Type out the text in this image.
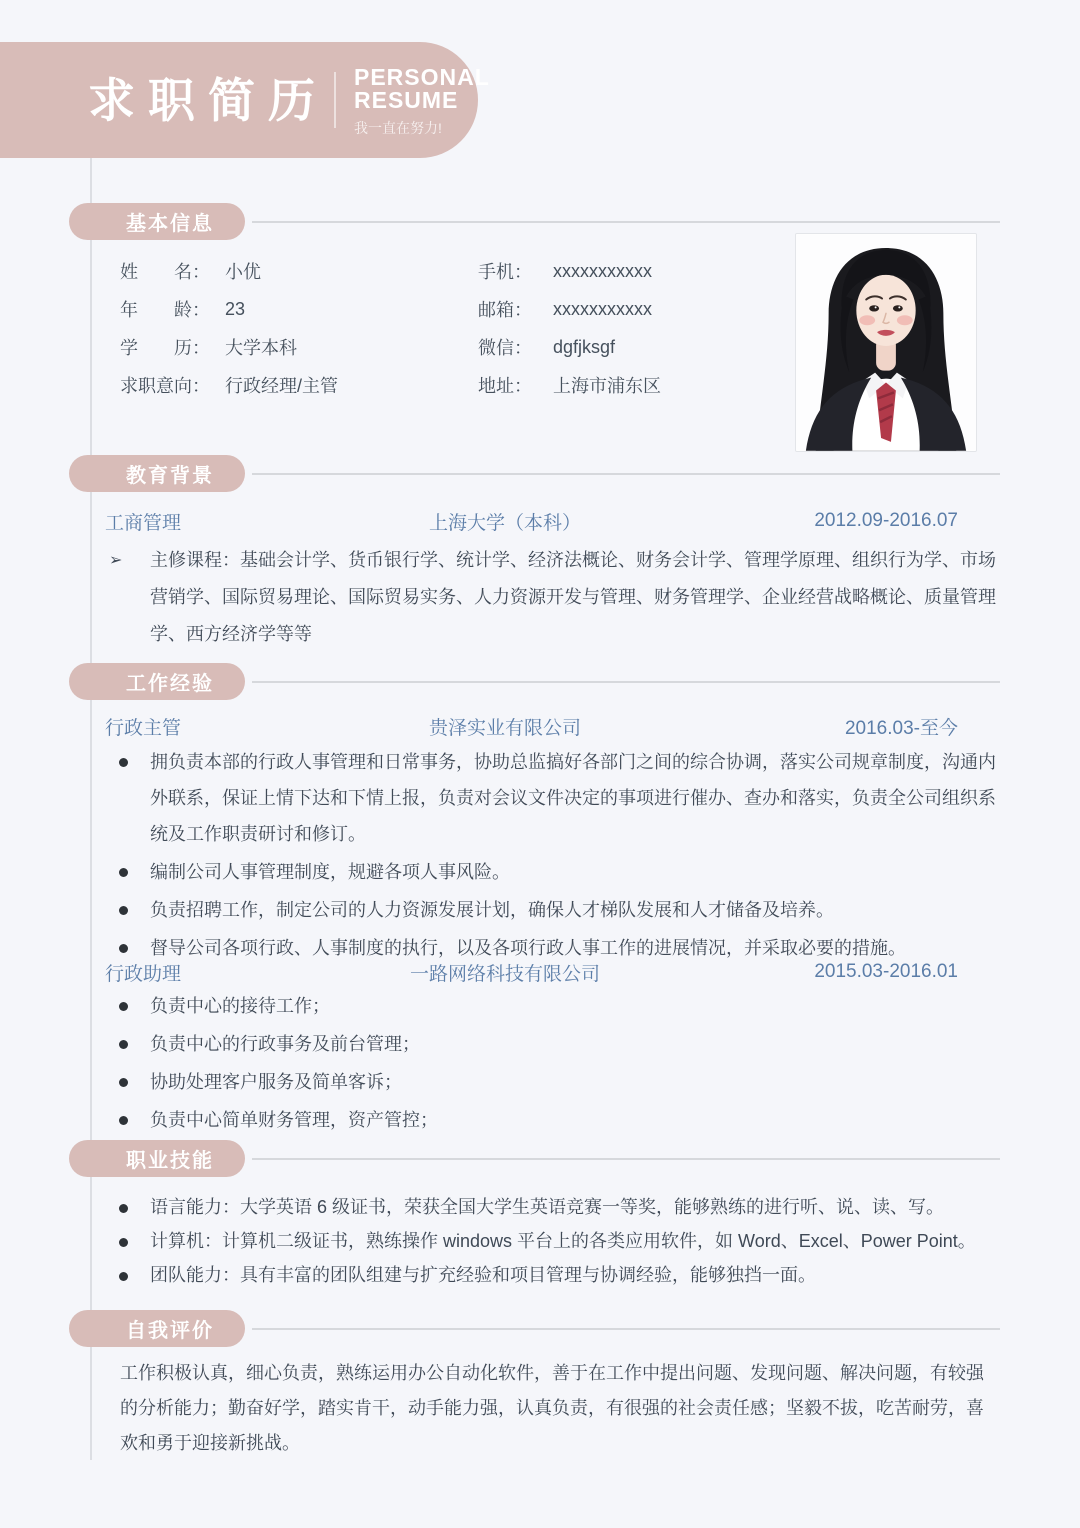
求职简历 PERSONAL RESUME
我一直在努力!
基本信息
姓　　名： 小优
年　　龄： 23
学　　历： 大学本科
求职意向： 行政经理/主管
手机：	xxxxxxxxxxx
邮箱：	xxxxxxxxxxx
微信：	dgfjksgf
地址：	上海市浦东区
教育背景
工商管理	上海大学（本科）	2012.09-2016.07
➢ 主修课程：基础会计学、货币银行学、统计学、经济法概论、财务会计学、管理学原理、组织行为学、市场营销学、国际贸易理论、国际贸易实务、人力资源开发与管理、财务管理学、企业经营战略概论、质量管理学、西方经济学等等
工作经验
行政主管	贵泽实业有限公司	2016.03-至今
拥负责本部的行政人事管理和日常事务，协助总监搞好各部门之间的综合协调，落实公司规章制度，沟通内外联系，保证上情下达和下情上报，负责对会议文件决定的事项进行催办、查办和落实，负责全公司组织系统及工作职责研讨和修订。
编制公司人事管理制度，规避各项人事风险。
负责招聘工作，制定公司的人力资源发展计划，确保人才梯队发展和人才储备及培养。
督导公司各项行政、人事制度的执行，以及各项行政人事工作的进展情况，并采取必要的措施。
行政助理	一路网络科技有限公司	2015.03-2016.01
负责中心的接待工作；
负责中心的行政事务及前台管理；
协助处理客户服务及简单客诉；
负责中心简单财务管理，资产管控；
职业技能
语言能力：大学英语 6 级证书，荣获全国大学生英语竞赛一等奖，能够熟练的进行听、说、读、写。
计算机：计算机二级证书，熟练操作 windows 平台上的各类应用软件，如 Word、Excel、Power Point。
团队能力：具有丰富的团队组建与扩充经验和项目管理与协调经验，能够独挡一面。
自我评价

工作积极认真，细心负责，熟练运用办公自动化软件，善于在工作中提出问题、发现问题、解决问题，有较强的分析能力；勤奋好学，踏实肯干，动手能力强，认真负责，有很强的社会责任感；坚毅不拔，吃苦耐劳，喜欢和勇于迎接新挑战。
